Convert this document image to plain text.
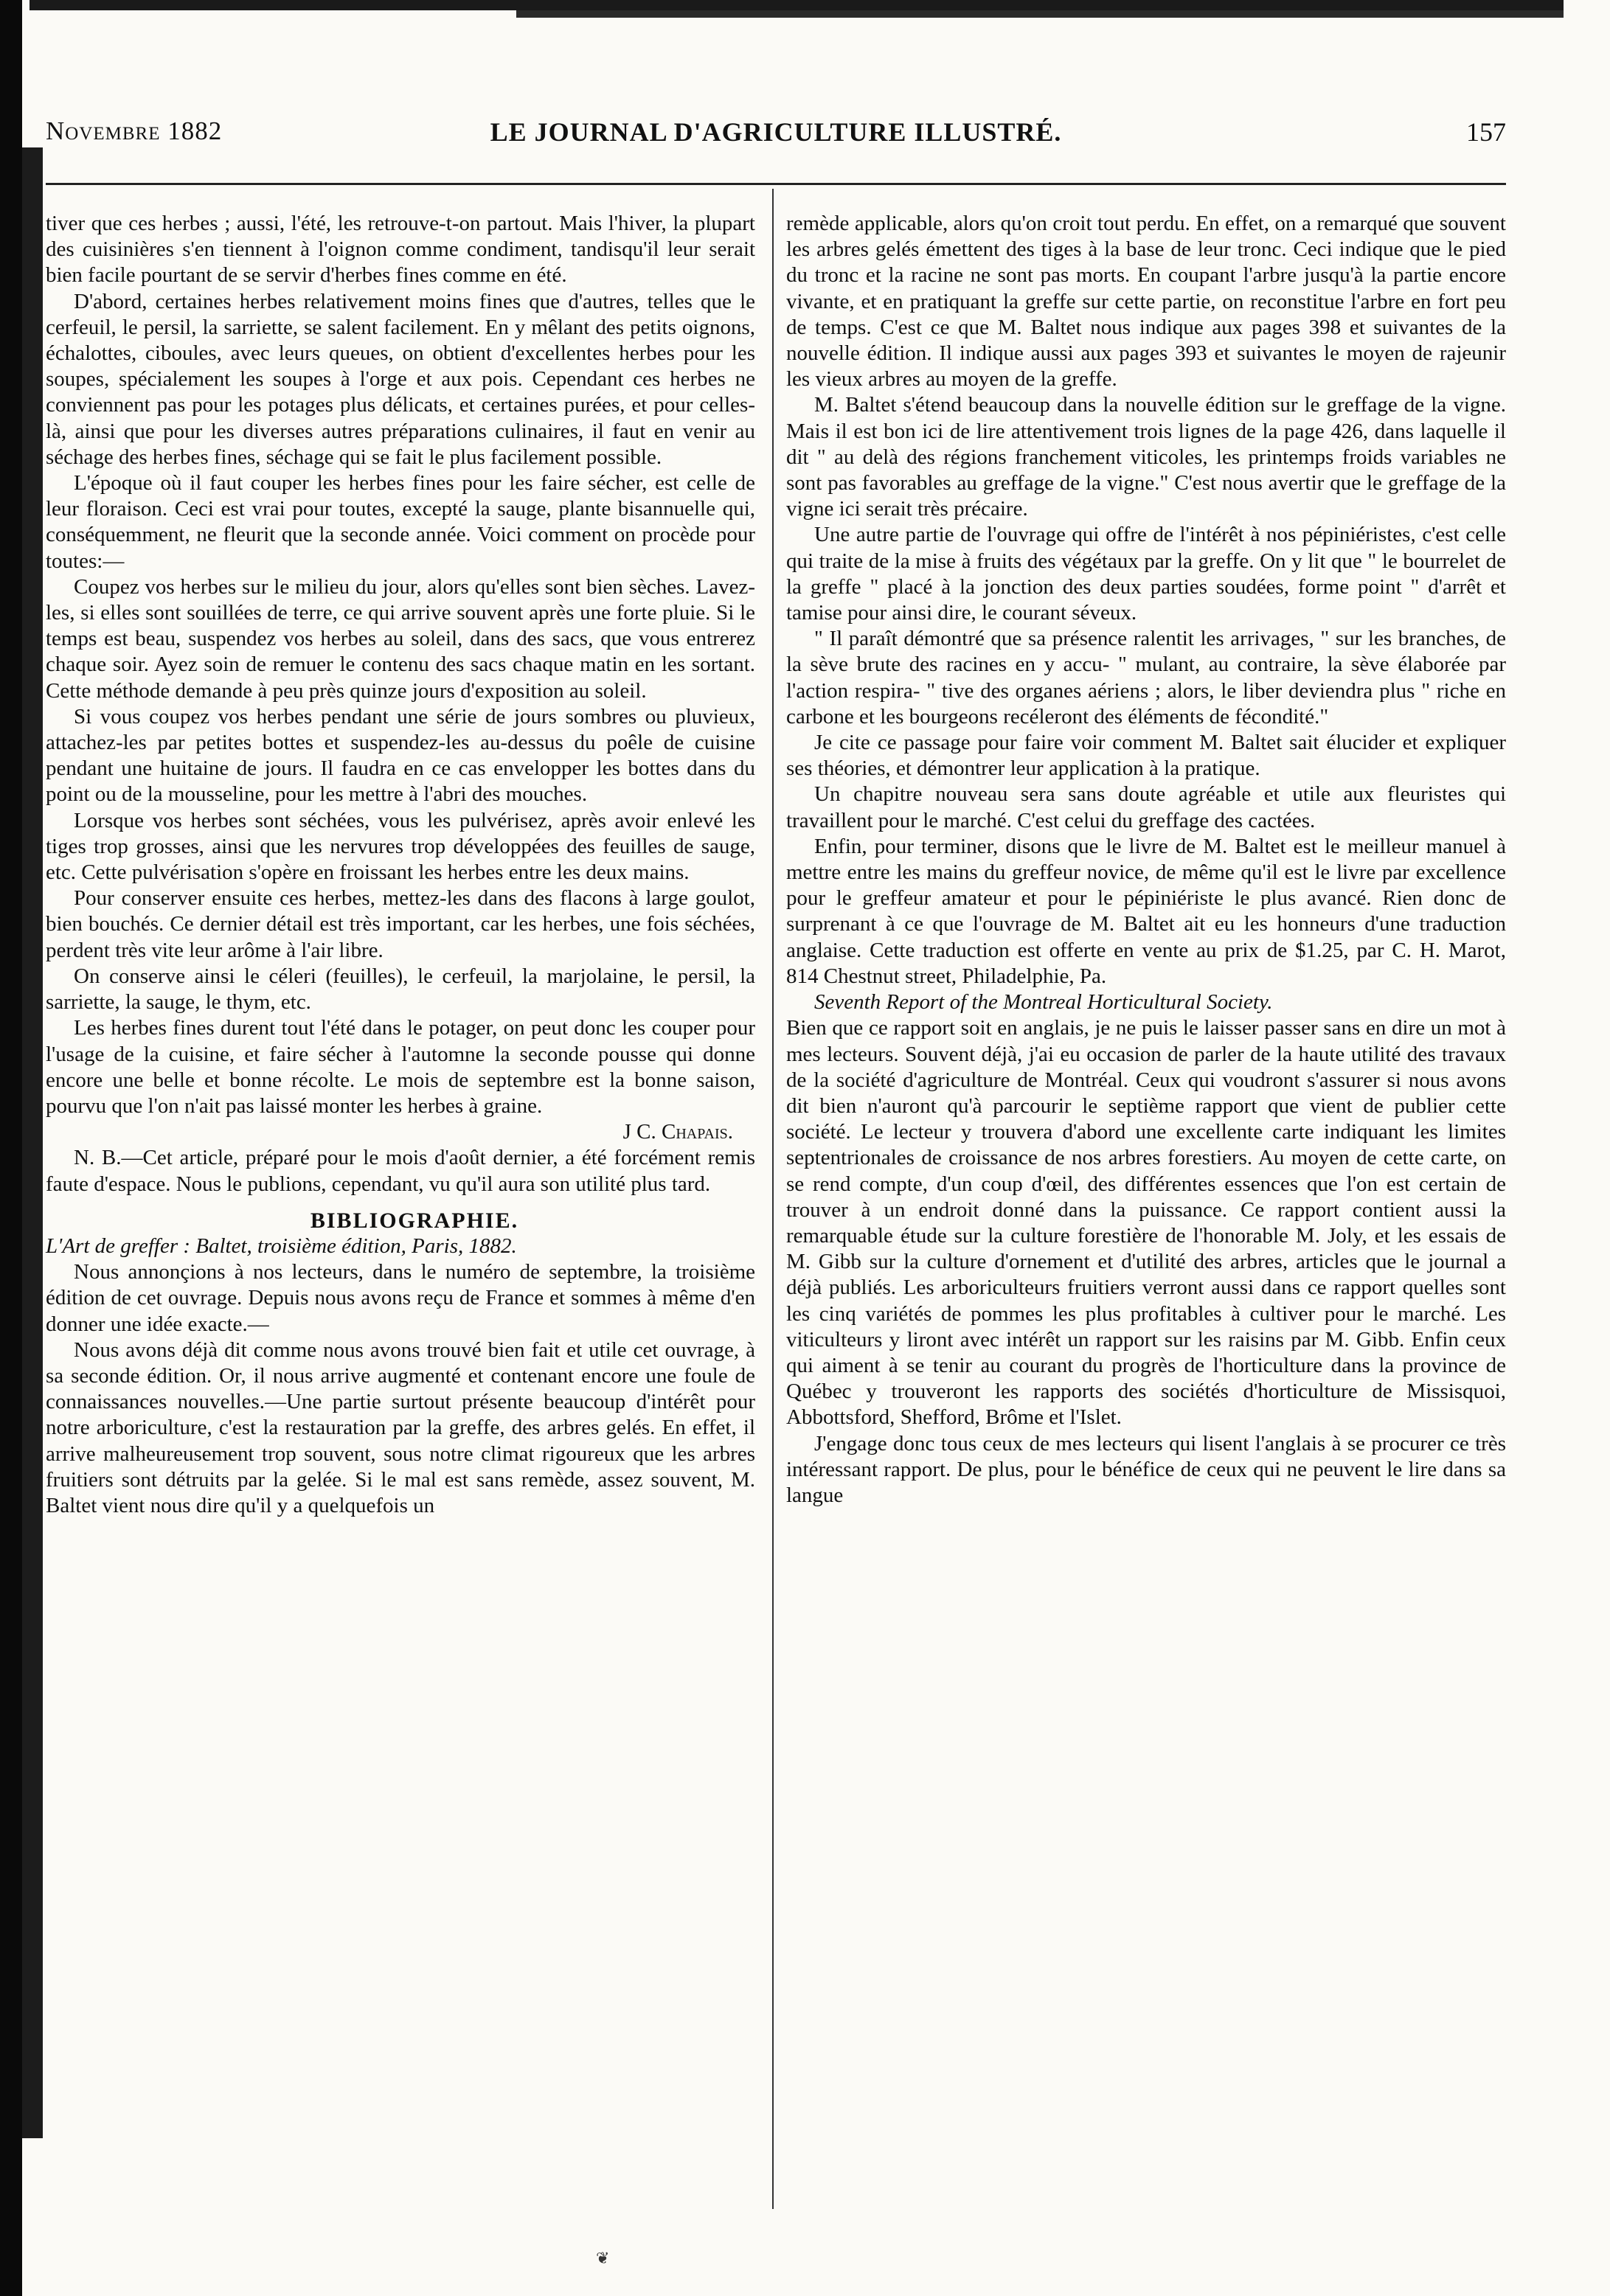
Novembre 1882	LE JOURNAL D'AGRICULTURE ILLUSTRÉ.	157

tiver que ces herbes ; aussi, l'été, les retrouve-t-on partout. Mais l'hiver, la plupart des cuisinières s'en tiennent à l'oignon comme condiment, tandisqu'il leur serait bien facile pourtant de se servir d'herbes fines comme en été.

D'abord, certaines herbes relativement moins fines que d'autres, telles que le cerfeuil, le persil, la sarriette, se salent facilement. En y mêlant des petits oignons, échalottes, ciboules, avec leurs queues, on obtient d'excellentes herbes pour les soupes, spécialement les soupes à l'orge et aux pois. Cependant ces herbes ne conviennent pas pour les potages plus délicats, et certaines purées, et pour celles-là, ainsi que pour les diverses autres préparations culinaires, il faut en venir au séchage des herbes fines, séchage qui se fait le plus facilement possible.

L'époque où il faut couper les herbes fines pour les faire sécher, est celle de leur floraison. Ceci est vrai pour toutes, excepté la sauge, plante bisannuelle qui, conséquemment, ne fleurit que la seconde année. Voici comment on procède pour toutes:—

Coupez vos herbes sur le milieu du jour, alors qu'elles sont bien sèches. Lavez-les, si elles sont souillées de terre, ce qui arrive souvent après une forte pluie. Si le temps est beau, suspendez vos herbes au soleil, dans des sacs, que vous entrerez chaque soir. Ayez soin de remuer le contenu des sacs chaque matin en les sortant. Cette méthode demande à peu près quinze jours d'exposition au soleil.

Si vous coupez vos herbes pendant une série de jours sombres ou pluvieux, attachez-les par petites bottes et suspendez-les au-dessus du poêle de cuisine pendant une huitaine de jours. Il faudra en ce cas envelopper les bottes dans du point ou de la mousseline, pour les mettre à l'abri des mouches.

Lorsque vos herbes sont séchées, vous les pulvérisez, après avoir enlevé les tiges trop grosses, ainsi que les nervures trop développées des feuilles de sauge, etc. Cette pulvérisation s'opère en froissant les herbes entre les deux mains.

Pour conserver ensuite ces herbes, mettez-les dans des flacons à large goulot, bien bouchés. Ce dernier détail est très important, car les herbes, une fois séchées, perdent très vite leur arôme à l'air libre.

On conserve ainsi le céleri (feuilles), le cerfeuil, la marjolaine, le persil, la sarriette, la sauge, le thym, etc.

Les herbes fines durent tout l'été dans le potager, on peut donc les couper pour l'usage de la cuisine, et faire sécher à l'automne la seconde pousse qui donne encore une belle et bonne récolte. Le mois de septembre est la bonne saison, pourvu que l'on n'ait pas laissé monter les herbes à graine.

J C. Chapais.

N. B.—Cet article, préparé pour le mois d'août dernier, a été forcément remis faute d'espace. Nous le publions, cependant, vu qu'il aura son utilité plus tard.

BIBLIOGRAPHIE.

L'Art de greffer : Baltet, troisième édition, Paris, 1882.

Nous annonçions à nos lecteurs, dans le numéro de septembre, la troisième édition de cet ouvrage. Depuis nous avons reçu de France et sommes à même d'en donner une idée exacte.—

Nous avons déjà dit comme nous avons trouvé bien fait et utile cet ouvrage, à sa seconde édition. Or, il nous arrive augmenté et contenant encore une foule de connaissances nouvelles.—Une partie surtout présente beaucoup d'intérêt pour notre arboriculture, c'est la restauration par la greffe, des arbres gelés. En effet, il arrive malheureusement trop souvent, sous notre climat rigoureux que les arbres fruitiers sont détruits par la gelée. Si le mal est sans remède, assez souvent, M. Baltet vient nous dire qu'il y a quelquefois un

remède applicable, alors qu'on croit tout perdu. En effet, on a remarqué que souvent les arbres gelés émettent des tiges à la base de leur tronc. Ceci indique que le pied du tronc et la racine ne sont pas morts. En coupant l'arbre jusqu'à la partie encore vivante, et en pratiquant la greffe sur cette partie, on reconstitue l'arbre en fort peu de temps. C'est ce que M. Baltet nous indique aux pages 398 et suivantes de la nouvelle édition. Il indique aussi aux pages 393 et suivantes le moyen de rajeunir les vieux arbres au moyen de la greffe.

M. Baltet s'étend beaucoup dans la nouvelle édition sur le greffage de la vigne. Mais il est bon ici de lire attentivement trois lignes de la page 426, dans laquelle il dit " au delà des régions franchement viticoles, les printemps froids variables ne sont pas favorables au greffage de la vigne." C'est nous avertir que le greffage de la vigne ici serait très précaire.

Une autre partie de l'ouvrage qui offre de l'intérêt à nos pépiniéristes, c'est celle qui traite de la mise à fruits des végétaux par la greffe. On y lit que " le bourrelet de la greffe " placé à la jonction des deux parties soudées, forme point " d'arrêt et tamise pour ainsi dire, le courant séveux.

" Il paraît démontré que sa présence ralentit les arrivages, " sur les branches, de la sève brute des racines en y accu- " mulant, au contraire, la sève élaborée par l'action respira- " tive des organes aériens ; alors, le liber deviendra plus " riche en carbone et les bourgeons recéleront des éléments de fécondité."

Je cite ce passage pour faire voir comment M. Baltet sait élucider et expliquer ses théories, et démontrer leur application à la pratique.

Un chapitre nouveau sera sans doute agréable et utile aux fleuristes qui travaillent pour le marché. C'est celui du greffage des cactées.

Enfin, pour terminer, disons que le livre de M. Baltet est le meilleur manuel à mettre entre les mains du greffeur novice, de même qu'il est le livre par excellence pour le greffeur amateur et pour le pépiniériste le plus avancé. Rien donc de surprenant à ce que l'ouvrage de M. Baltet ait eu les honneurs d'une traduction anglaise. Cette traduction est offerte en vente au prix de $1.25, par C. H. Marot, 814 Chestnut street, Philadelphie, Pa.

Seventh Report of the Montreal Horticultural Society.

Bien que ce rapport soit en anglais, je ne puis le laisser passer sans en dire un mot à mes lecteurs. Souvent déjà, j'ai eu occasion de parler de la haute utilité des travaux de la société d'agriculture de Montréal. Ceux qui voudront s'assurer si nous avons dit bien n'auront qu'à parcourir le septième rapport que vient de publier cette société. Le lecteur y trouvera d'abord une excellente carte indiquant les limites septentrionales de croissance de nos arbres forestiers. Au moyen de cette carte, on se rend compte, d'un coup d'œil, des différentes essences que l'on est certain de trouver à un endroit donné dans la puissance. Ce rapport contient aussi la remarquable étude sur la culture forestière de l'honorable M. Joly, et les essais de M. Gibb sur la culture d'ornement et d'utilité des arbres, articles que le journal a déjà publiés. Les arboriculteurs fruitiers verront aussi dans ce rapport quelles sont les cinq variétés de pommes les plus profitables à cultiver pour le marché. Les viticulteurs y liront avec intérêt un rapport sur les raisins par M. Gibb. Enfin ceux qui aiment à se tenir au courant du progrès de l'horticulture dans la province de Québec y trouveront les rapports des sociétés d'horticulture de Missisquoi, Abbottsford, Shefford, Brôme et l'Islet.

J'engage donc tous ceux de mes lecteurs qui lisent l'anglais à se procurer ce très intéressant rapport. De plus, pour le bénéfice de ceux qui ne peuvent le lire dans sa langue

❦
